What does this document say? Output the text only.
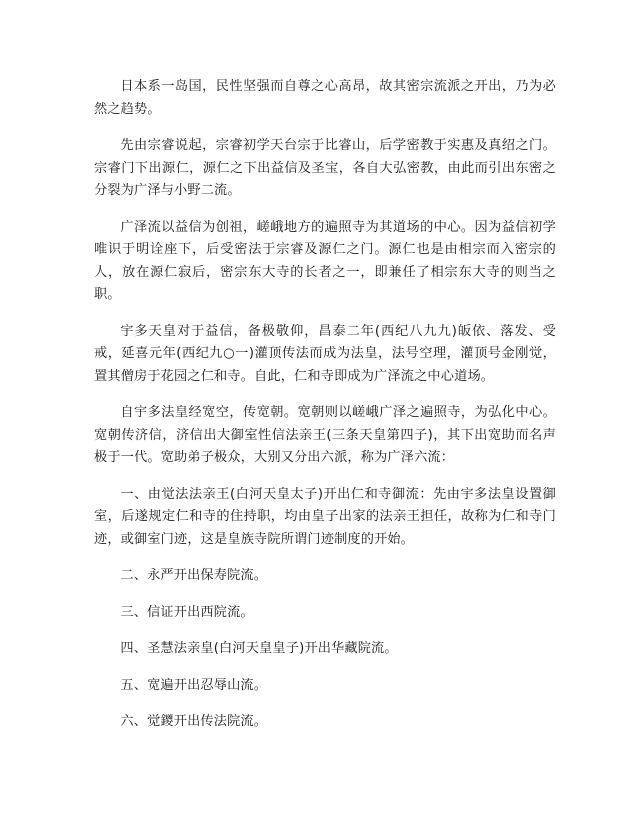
日本系一岛国，民性坚强而自尊之心高昂，故其密宗流派之开出，乃为必然之趋势。

先由宗睿说起，宗睿初学天台宗于比睿山，后学密教于实惠及真绍之门。宗睿门下出源仁，源仁之下出益信及圣宝，各自大弘密教，由此而引出东密之分裂为广泽与小野二流。

广泽流以益信为创祖，嵯峨地方的遍照寺为其道场的中心。因为益信初学唯识于明诠座下，后受密法于宗睿及源仁之门。源仁也是由相宗而入密宗的人，放在源仁寂后，密宗东大寺的长者之一，即兼任了相宗东大寺的则当之职。

宇多天皇对于益信，备极敬仰，昌泰二年(西纪八九九)皈依、落发、受戒，延喜元年(西纪九○一)灌顶传法而成为法皇，法号空理，灌顶号金刚觉，置其僧房于花园之仁和寺。自此，仁和寺即成为广泽流之中心道场。

自宇多法皇经宽空，传宽朝。宽朝则以嵯峨广泽之遍照寺，为弘化中心。宽朝传济信，济信出大御室性信法亲王(三条天皇第四子)，其下出宽助而名声极于一代。宽助弟子极众，大别又分出六派，称为广泽六流：

一、由觉法法亲王(白河天皇太子)开出仁和寺御流：先由宇多法皇设置御室，后遂规定仁和寺的住持职，均由皇子出家的法亲王担任，故称为仁和寺门迹，或御室门迹，这是皇族寺院所谓门迹制度的开始。

二、永严开出保寿院流。

三、信证开出西院流。

四、圣慧法亲皇(白河天皇皇子)开出华藏院流。

五、宽遍开出忍辱山流。

六、觉鑁开出传法院流。
